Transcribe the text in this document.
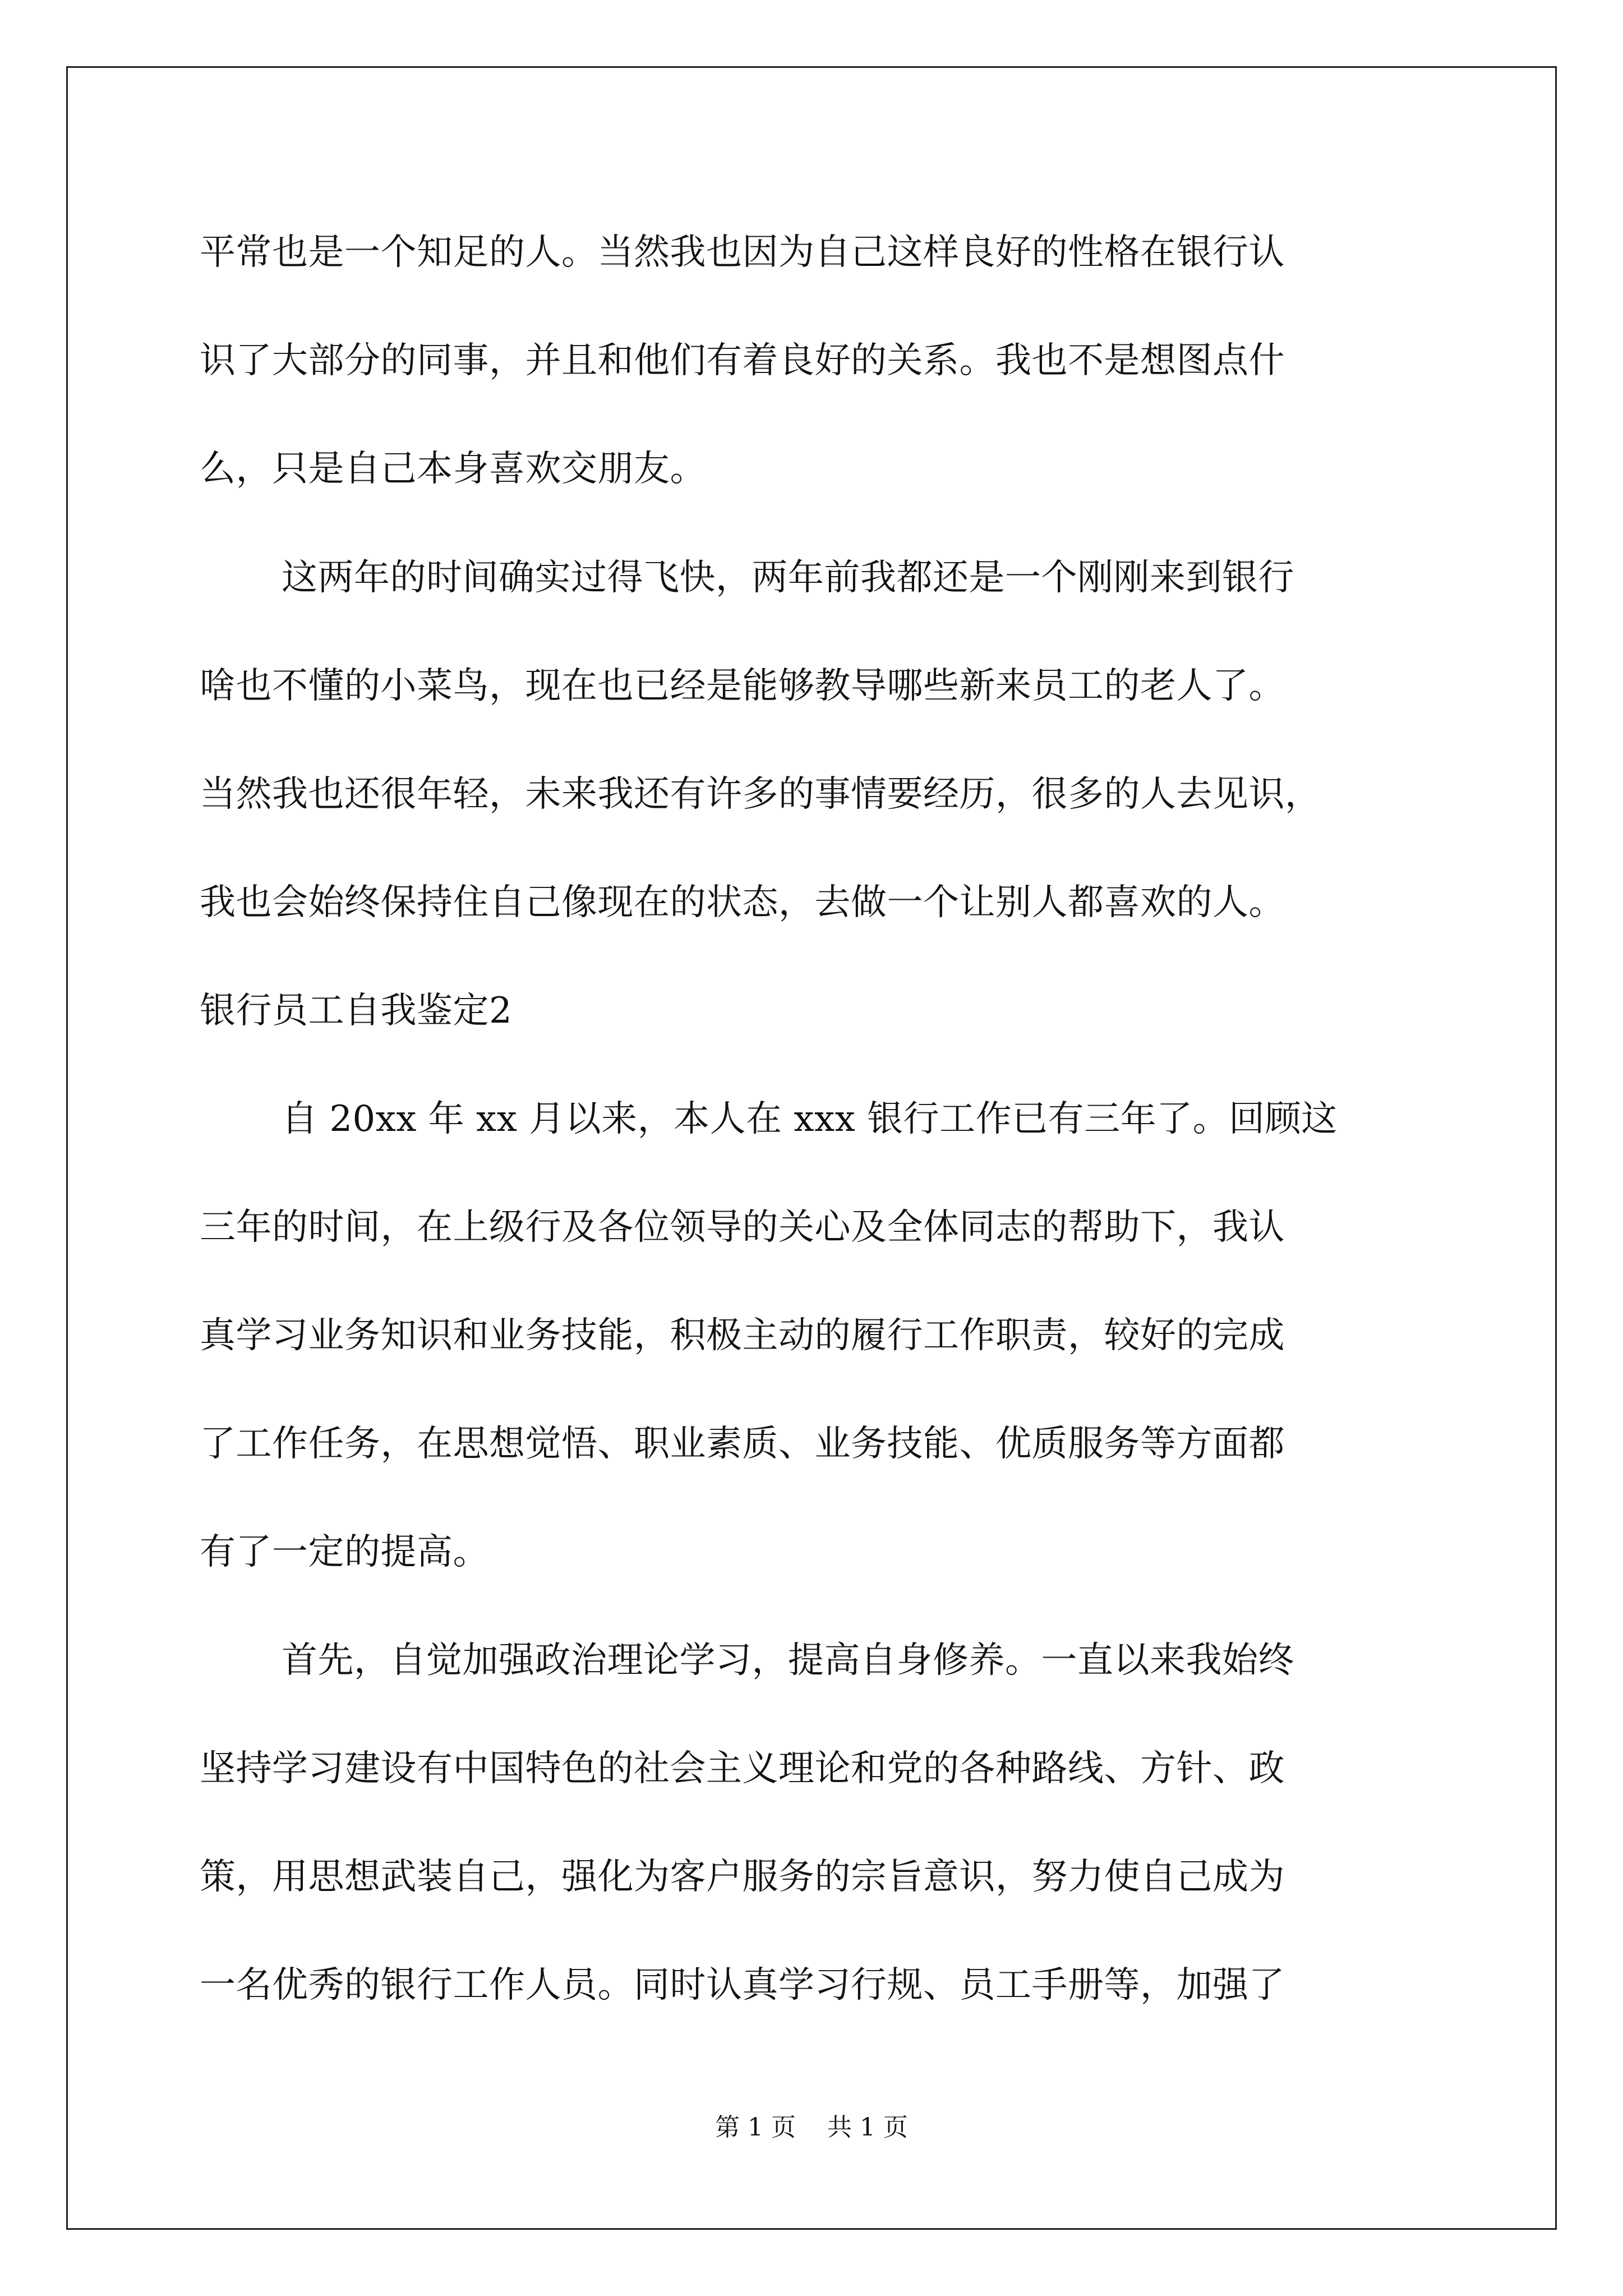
平常也是一个知足的人。当然我也因为自己这样良好的性格在银行认
识了大部分的同事，并且和他们有着良好的关系。我也不是想图点什
么，只是自己本身喜欢交朋友。
这两年的时间确实过得飞快，两年前我都还是一个刚刚来到银行
啥也不懂的小菜鸟，现在也已经是能够教导哪些新来员工的老人了。
当然我也还很年轻，未来我还有许多的事情要经历，很多的人去见识，
我也会始终保持住自己像现在的状态，去做一个让别人都喜欢的人。
银行员工自我鉴定2
自 20xx 年 xx 月以来，本人在 xxx 银行工作已有三年了。回顾这
三年的时间，在上级行及各位领导的关心及全体同志的帮助下，我认
真学习业务知识和业务技能，积极主动的履行工作职责，较好的完成
了工作任务，在思想觉悟、职业素质、业务技能、优质服务等方面都
有了一定的提高。
首先，自觉加强政治理论学习，提高自身修养。一直以来我始终
坚持学习建设有中国特色的社会主义理论和党的各种路线、方针、政
策，用思想武装自己，强化为客户服务的宗旨意识，努力使自己成为
一名优秀的银行工作人员。同时认真学习行规、员工手册等，加强了
第 1 页    共 1 页
